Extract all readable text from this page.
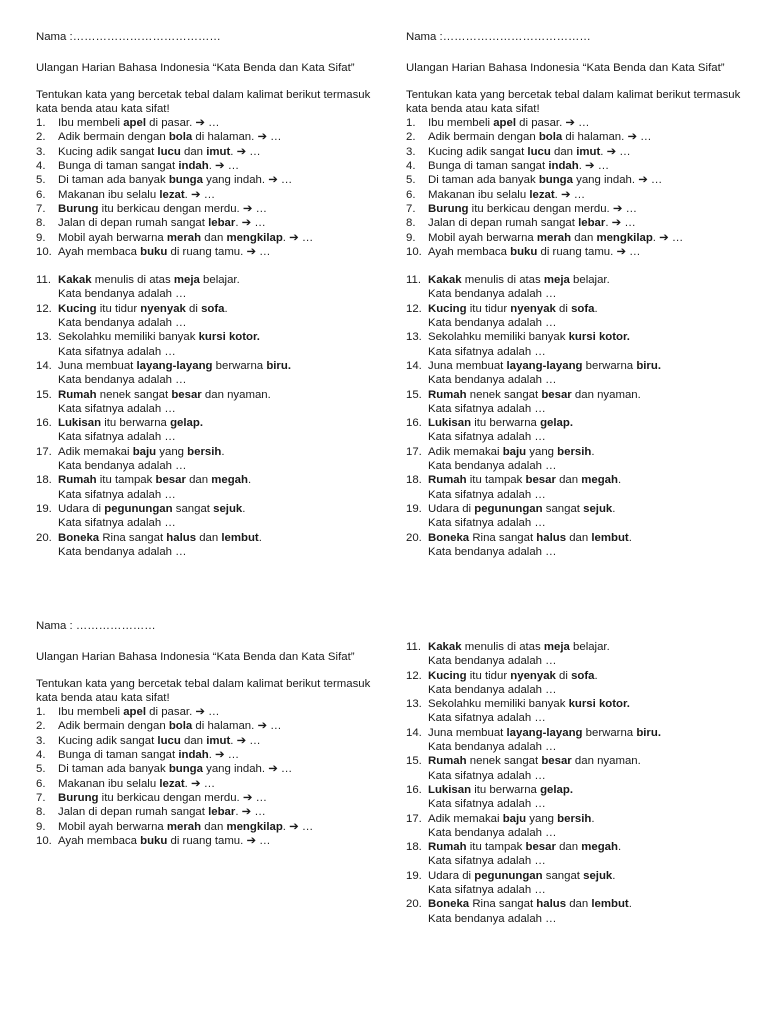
Nama :…………………………………

Ulangan Harian Bahasa Indonesia “Kata Benda dan Kata Sifat”

Tentukan kata yang bercetak tebal dalam kalimat berikut termasuk kata benda atau kata sifat!

1. Ibu membeli apel di pasar. ➔ …
2. Adik bermain dengan bola di halaman. ➔ …
3. Kucing adik sangat lucu dan imut. ➔ …
4. Bunga di taman sangat indah. ➔ …
5. Di taman ada banyak bunga yang indah. ➔ …
6. Makanan ibu selalu lezat. ➔ …
7. Burung itu berkicau dengan merdu. ➔ …
8. Jalan di depan rumah sangat lebar. ➔ …
9. Mobil ayah berwarna merah dan mengkilap. ➔ …
10. Ayah membaca buku di ruang tamu. ➔ …
11. Kakak menulis di atas meja belajar.
Kata bendanya adalah …
12. Kucing itu tidur nyenyak di sofa.
Kata bendanya adalah …
13. Sekolahku memiliki banyak kursi kotor.
Kata sifatnya adalah …
14. Juna membuat layang-layang berwarna biru.
Kata bendanya adalah …
15. Rumah nenek sangat besar dan nyaman.
Kata sifatnya adalah …
16. Lukisan itu berwarna gelap.
Kata sifatnya adalah …
17. Adik memakai baju yang bersih.
Kata bendanya adalah …
18. Rumah itu tampak besar dan megah.
Kata sifatnya adalah …
19. Udara di pegunungan sangat sejuk.
Kata sifatnya adalah …
20. Boneka Rina sangat halus dan lembut.
Kata bendanya adalah …

Nama :…………………………………

Ulangan Harian Bahasa Indonesia “Kata Benda dan Kata Sifat”

Tentukan kata yang bercetak tebal dalam kalimat berikut termasuk kata benda atau kata sifat!

1. Ibu membeli apel di pasar. ➔ …
2. Adik bermain dengan bola di halaman. ➔ …
3. Kucing adik sangat lucu dan imut. ➔ …
4. Bunga di taman sangat indah. ➔ …
5. Di taman ada banyak bunga yang indah. ➔ …
6. Makanan ibu selalu lezat. ➔ …
7. Burung itu berkicau dengan merdu. ➔ …
8. Jalan di depan rumah sangat lebar. ➔ …
9. Mobil ayah berwarna merah dan mengkilap. ➔ …
10. Ayah membaca buku di ruang tamu. ➔ …
11. Kakak menulis di atas meja belajar.
Kata bendanya adalah …
12. Kucing itu tidur nyenyak di sofa.
Kata bendanya adalah …
13. Sekolahku memiliki banyak kursi kotor.
Kata sifatnya adalah …
14. Juna membuat layang-layang berwarna biru.
Kata bendanya adalah …
15. Rumah nenek sangat besar dan nyaman.
Kata sifatnya adalah …
16. Lukisan itu berwarna gelap.
Kata sifatnya adalah …
17. Adik memakai baju yang bersih.
Kata bendanya adalah …
18. Rumah itu tampak besar dan megah.
Kata sifatnya adalah …
19. Udara di pegunungan sangat sejuk.
Kata sifatnya adalah …
20. Boneka Rina sangat halus dan lembut.
Kata bendanya adalah …

Nama : …………………

Ulangan Harian Bahasa Indonesia “Kata Benda dan Kata Sifat”

Tentukan kata yang bercetak tebal dalam kalimat berikut termasuk kata benda atau kata sifat!

1. Ibu membeli apel di pasar. ➔ …
2. Adik bermain dengan bola di halaman. ➔ …
3. Kucing adik sangat lucu dan imut. ➔ …
4. Bunga di taman sangat indah. ➔ …
5. Di taman ada banyak bunga yang indah. ➔ …
6. Makanan ibu selalu lezat. ➔ …
7. Burung itu berkicau dengan merdu. ➔ …
8. Jalan di depan rumah sangat lebar. ➔ …
9. Mobil ayah berwarna merah dan mengkilap. ➔ …
10. Ayah membaca buku di ruang tamu. ➔ …
11. Kakak menulis di atas meja belajar.
Kata bendanya adalah …
12. Kucing itu tidur nyenyak di sofa.
Kata bendanya adalah …
13. Sekolahku memiliki banyak kursi kotor.
Kata sifatnya adalah …
14. Juna membuat layang-layang berwarna biru.
Kata bendanya adalah …
15. Rumah nenek sangat besar dan nyaman.
Kata sifatnya adalah …
16. Lukisan itu berwarna gelap.
Kata sifatnya adalah …
17. Adik memakai baju yang bersih.
Kata bendanya adalah …
18. Rumah itu tampak besar dan megah.
Kata sifatnya adalah …
19. Udara di pegunungan sangat sejuk.
Kata sifatnya adalah …
20. Boneka Rina sangat halus dan lembut.
Kata bendanya adalah …
